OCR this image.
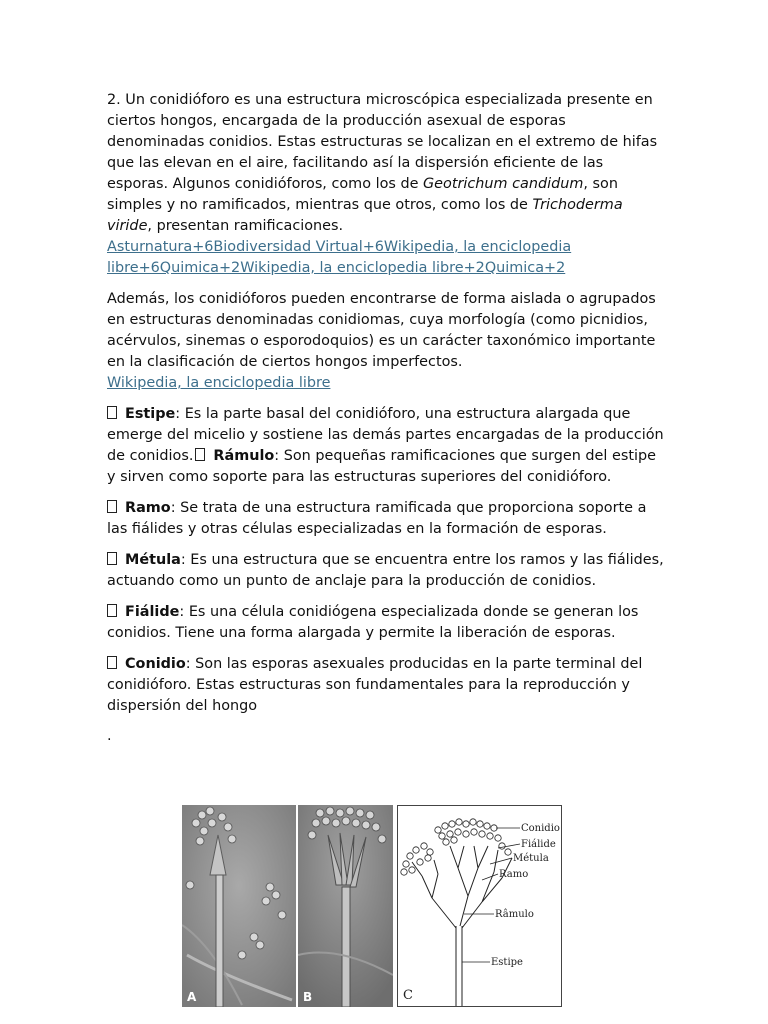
2. Un conidióforo es una estructura microscópica especializada presente en ciertos hongos, encargada de la producción asexual de esporas denominadas conidios. Estas estructuras se localizan en el extremo de hifas que las elevan en el aire, facilitando así la dispersión eficiente de las esporas. Algunos conidióforos, como los de Geotrichum candidum, son simples y no ramificados, mientras que otros, como los de Trichoderma viride, presentan ramificaciones.
Asturnatura+6Biodiversidad Virtual+6Wikipedia, la enciclopedia libre+6Quimica+2Wikipedia, la enciclopedia libre+2Quimica+2

Además, los conidióforos pueden encontrarse de forma aislada o agrupados en estructuras denominadas conidiomas, cuya morfología (como picnidios, acérvulos, sinemas o esporodoquios) es un carácter taxonómico importante en la clasificación de ciertos hongos imperfectos.
Wikipedia, la enciclopedia libre

Estipe: Es la parte basal del conidióforo, una estructura alargada que emerge del micelio y sostiene las demás partes encargadas de la producción de conidios. Rámulo: Son pequeñas ramificaciones que surgen del estipe y sirven como soporte para las estructuras superiores del conidióforo.

Ramo: Se trata de una estructura ramificada que proporciona soporte a las fiálides y otras células especializadas en la formación de esporas.

Métula: Es una estructura que se encuentra entre los ramos y las fiálides, actuando como un punto de anclaje para la producción de conidios.

Fiálide: Es una célula conidiógena especializada donde se generan los conidios. Tiene una forma alargada y permite la liberación de esporas.

Conidio: Son las esporas asexuales producidas en la parte terminal del conidióforo. Estas estructuras son fundamentales para la reproducción y dispersión del hongo

.

A	B
Conidio
Fiálide
Métula
Ramo
Râmulo
Estipe
C
